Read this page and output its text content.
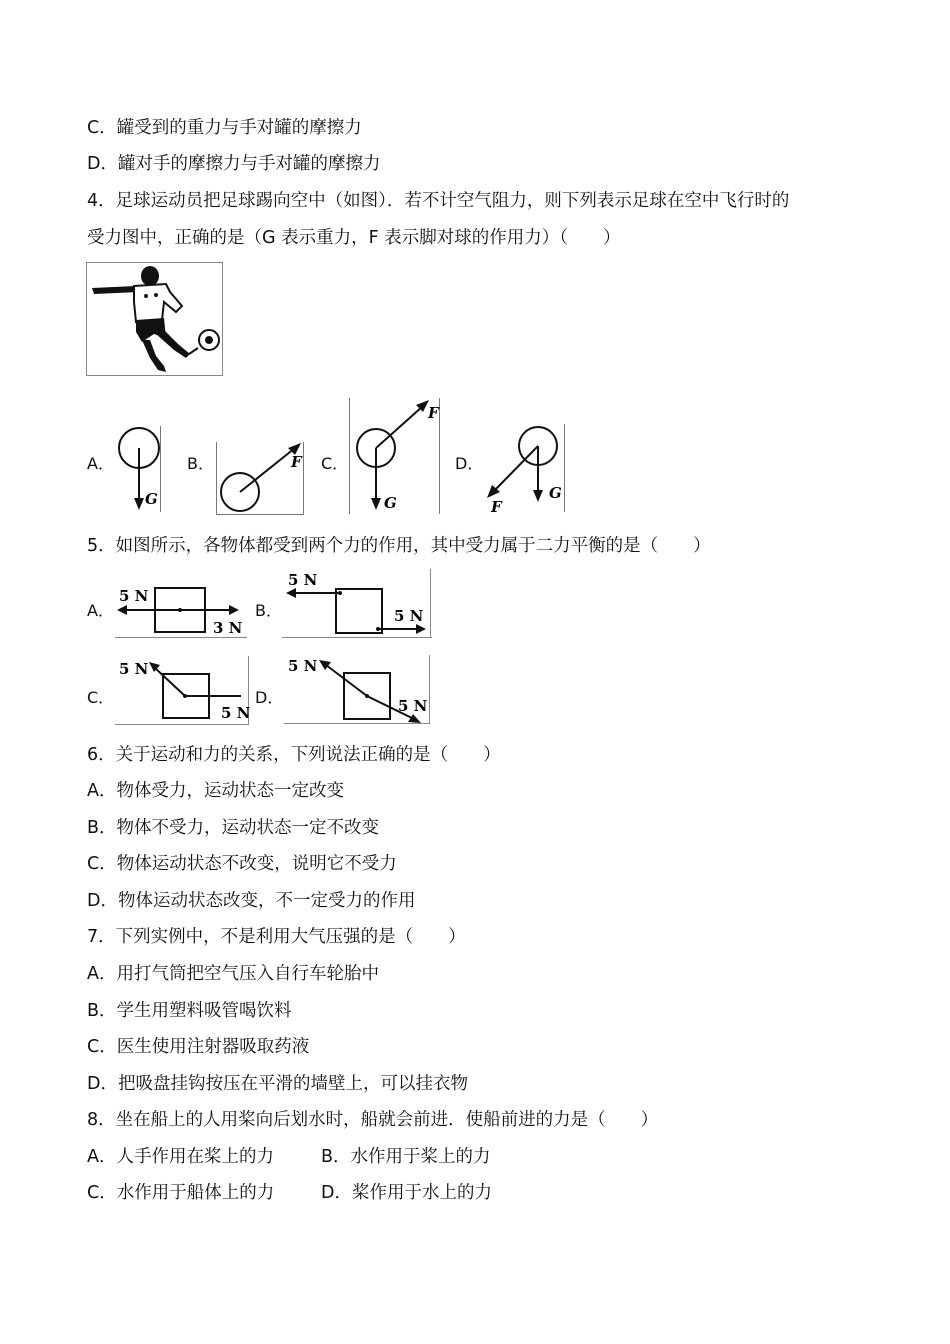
C．罐受到的重力与手对罐的摩擦力
D．罐对手的摩擦力与手对罐的摩擦力
4．足球运动员把足球踢向空中（如图）．若不计空气阻力，则下列表示足球在空中飞行时的
受力图中，正确的是（G 表示重力，F 表示脚对球的作用力）（　　）
A．
G
B．	F C．
F
G
D．
F
G
5．如图所示，各物体都受到两个力的作用，其中受力属于二力平衡的是（　　）
A．
5 N
3 N
B．
5 N
5 N
C．
5 N
5 N
D．
5 N
5 N
6．关于运动和力的关系，下列说法正确的是（　　）
A．物体受力，运动状态一定改变
B．物体不受力，运动状态一定不改变
C．物体运动状态不改变，说明它不受力
D．物体运动状态改变，不一定受力的作用
7．下列实例中，不是利用大气压强的是（　　）
A．用打气筒把空气压入自行车轮胎中
B．学生用塑料吸管喝饮料
C．医生使用注射器吸取药液
D．把吸盘挂钩按压在平滑的墙壁上，可以挂衣物
8．坐在船上的人用桨向后划水时，船就会前进．使船前进的力是（　　）
A．人手作用在桨上的力	B．水作用于桨上的力
C．水作用于船体上的力	D．桨作用于水上的力
